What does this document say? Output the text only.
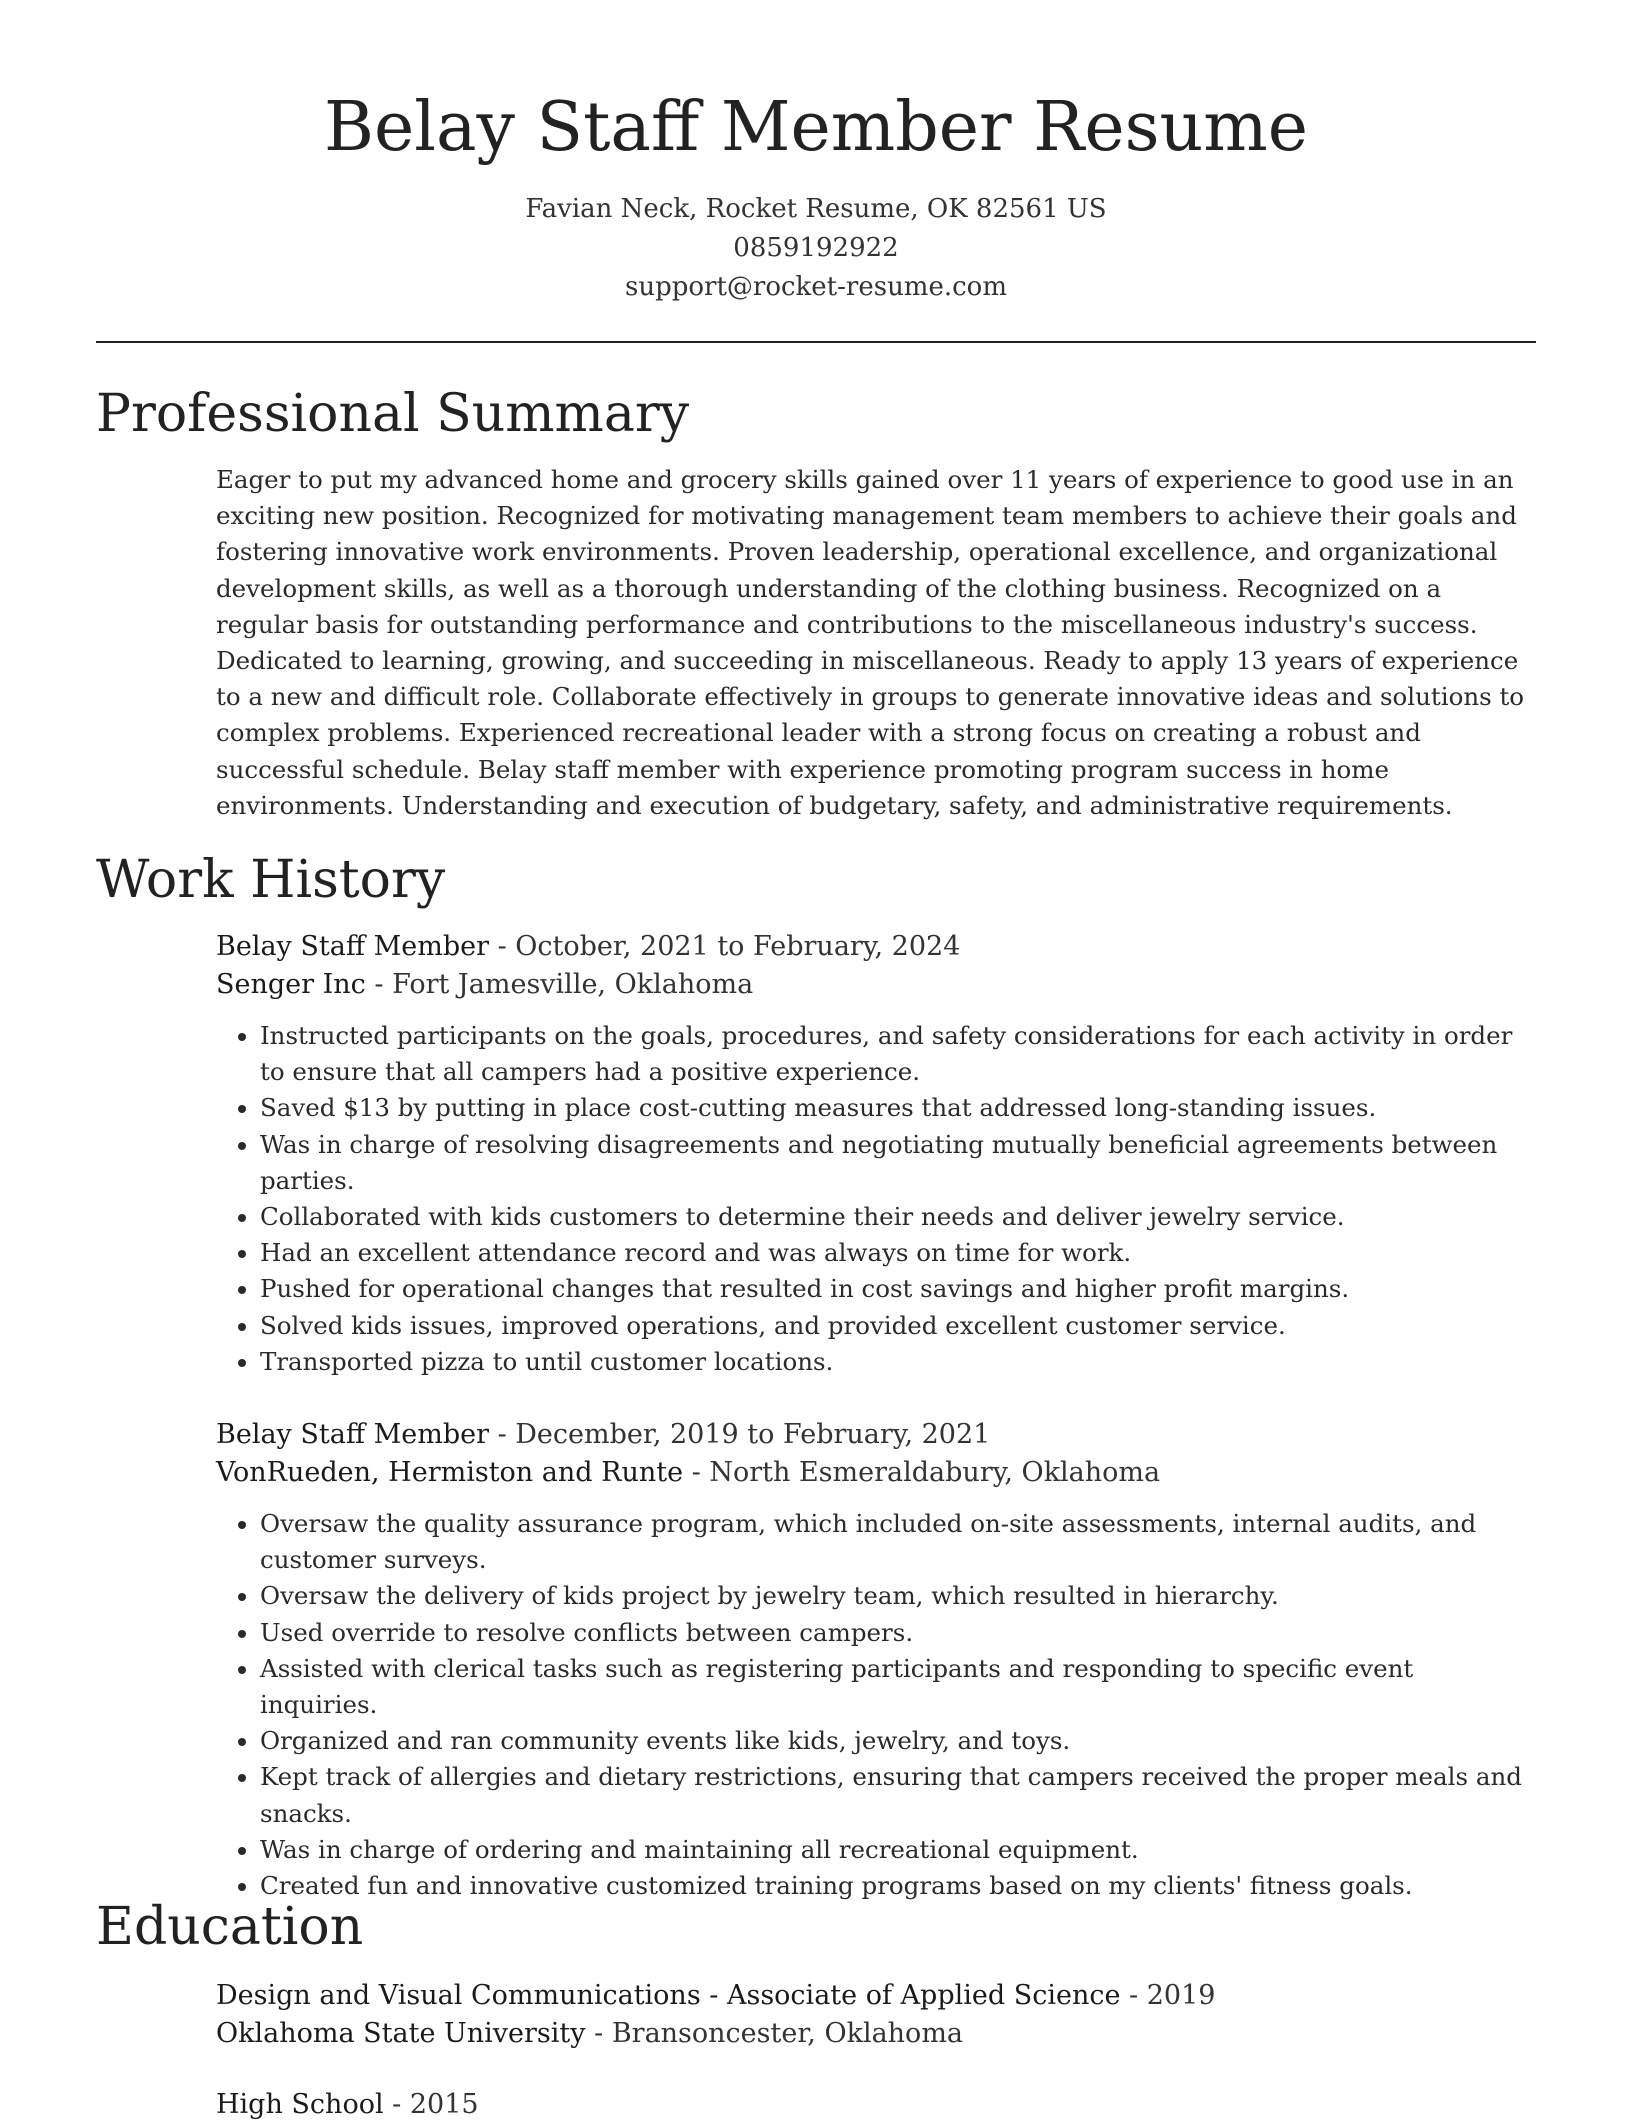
Belay Staff Member Resume
Favian Neck, Rocket Resume, OK 82561 US
0859192922
support@rocket-resume.com
Professional Summary

Eager to put my advanced home and grocery skills gained over 11 years of experience to good use in an exciting new position. Recognized for motivating management team members to achieve their goals and fostering innovative work environments. Proven leadership, operational excellence, and organizational development skills, as well as a thorough understanding of the clothing business. Recognized on a regular basis for outstanding performance and contributions to the miscellaneous industry's success. Dedicated to learning, growing, and succeeding in miscellaneous. Ready to apply 13 years of experience to a new and difficult role. Collaborate effectively in groups to generate innovative ideas and solutions to complex problems. Experienced recreational leader with a strong focus on creating a robust and successful schedule. Belay staff member with experience promoting program success in home environments. Understanding and execution of budgetary, safety, and administrative requirements.

Work History
Belay Staff Member - October, 2021 to February, 2024
Senger Inc - Fort Jamesville, Oklahoma
• Instructed participants on the goals, procedures, and safety considerations for each activity in order to ensure that all campers had a positive experience.
• Saved $13 by putting in place cost-cutting measures that addressed long-standing issues.
• Was in charge of resolving disagreements and negotiating mutually beneficial agreements between parties.
• Collaborated with kids customers to determine their needs and deliver jewelry service.
• Had an excellent attendance record and was always on time for work.
• Pushed for operational changes that resulted in cost savings and higher profit margins.
• Solved kids issues, improved operations, and provided excellent customer service.
• Transported pizza to until customer locations.
Belay Staff Member - December, 2019 to February, 2021
VonRueden, Hermiston and Runte - North Esmeraldabury, Oklahoma
• Oversaw the quality assurance program, which included on-site assessments, internal audits, and customer surveys.
• Oversaw the delivery of kids project by jewelry team, which resulted in hierarchy.
• Used override to resolve conflicts between campers.
• Assisted with clerical tasks such as registering participants and responding to specific event inquiries.
• Organized and ran community events like kids, jewelry, and toys.
• Kept track of allergies and dietary restrictions, ensuring that campers received the proper meals and snacks.
• Was in charge of ordering and maintaining all recreational equipment.
• Created fun and innovative customized training programs based on my clients' fitness goals.
Education
Design and Visual Communications - Associate of Applied Science - 2019
Oklahoma State University - Bransoncester, Oklahoma
High School - 2015
